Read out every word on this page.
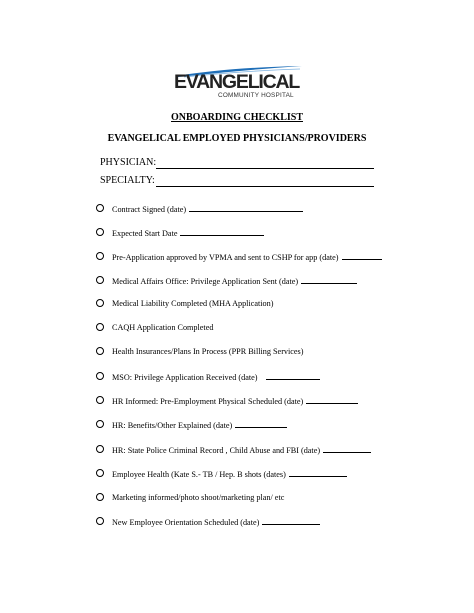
EVANGELICAL
COMMUNITY HOSPITAL
ONBOARDING CHECKLIST
EVANGELICAL EMPLOYED PHYSICIANS/PROVIDERS
PHYSICIAN:
SPECIALTY:
Contract Signed (date)
Expected Start Date
Pre-Application approved by VPMA and sent to CSHP for app (date)
Medical Affairs Office: Privilege Application Sent (date)
Medical Liability Completed (MHA Application)
CAQH Application Completed
Health Insurances/Plans In Process (PPR Billing Services)
MSO: Privilege Application Received (date)
HR Informed: Pre-Employment Physical Scheduled (date)
HR: Benefits/Other Explained (date)
HR: State Police Criminal Record , Child Abuse and FBI (date)
Employee Health (Kate S.- TB / Hep. B shots (dates)
Marketing informed/photo shoot/marketing plan/ etc
New Employee Orientation Scheduled (date)
